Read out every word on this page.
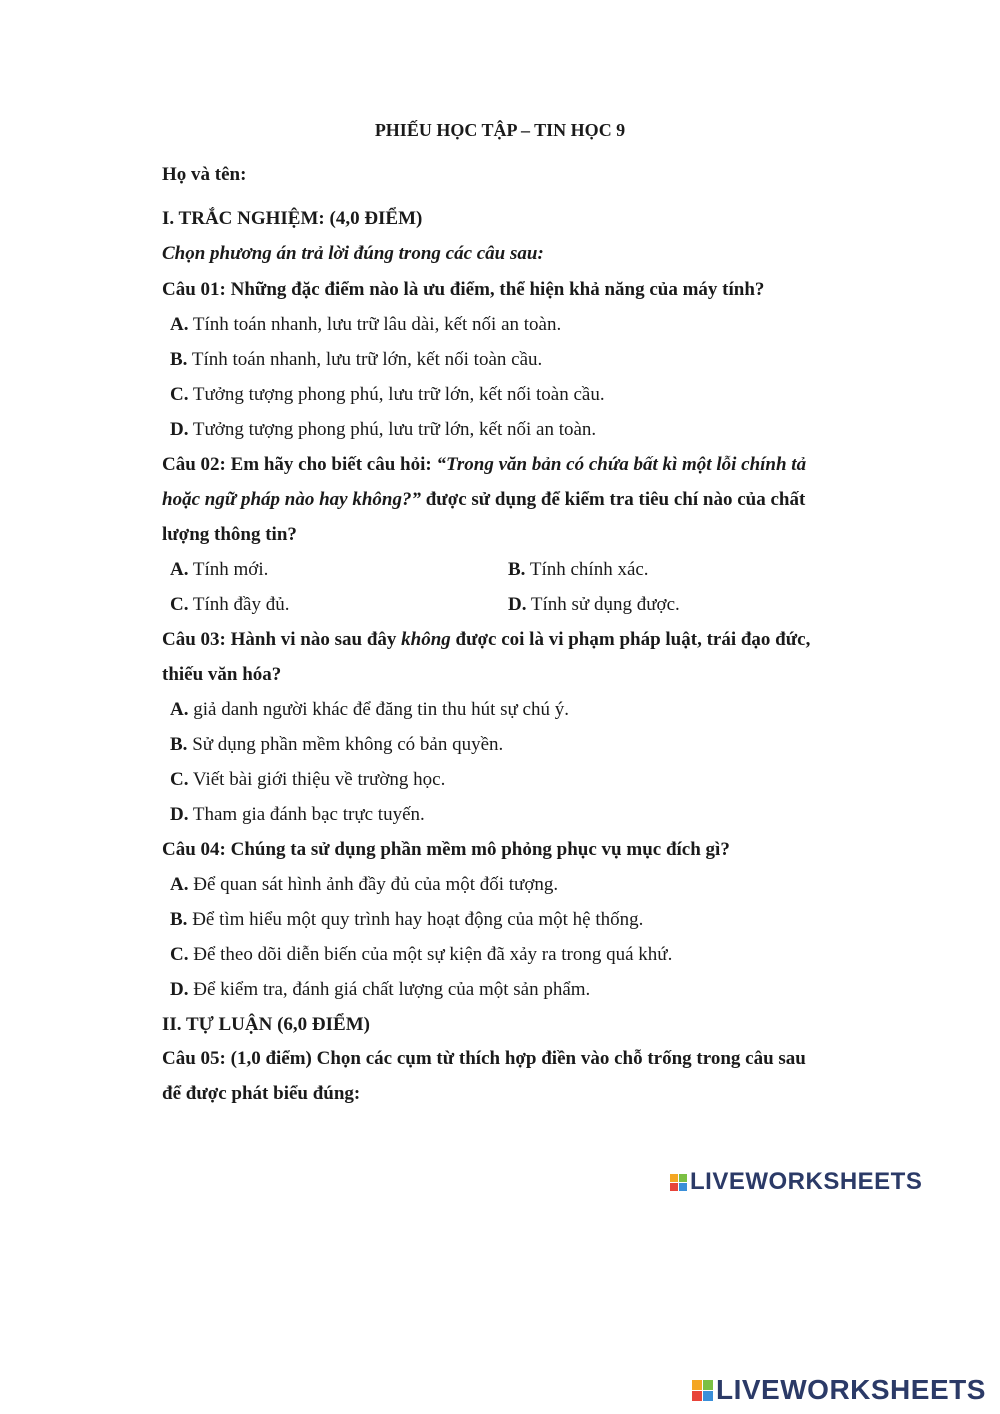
PHIẾU HỌC TẬP – TIN HỌC 9
Họ và tên:
I. TRẮC NGHIỆM: (4,0 ĐIỂM)
Chọn phương án trả lời đúng trong các câu sau:
Câu 01: Những đặc điểm nào là ưu điểm, thể hiện khả năng của máy tính?
A. Tính toán nhanh, lưu trữ lâu dài, kết nối an toàn.
B. Tính toán nhanh, lưu trữ lớn, kết nối toàn cầu.
C. Tưởng tượng phong phú, lưu trữ lớn, kết nối toàn cầu.
D. Tưởng tượng phong phú, lưu trữ lớn, kết nối an toàn.
Câu 02: Em hãy cho biết câu hỏi: “Trong văn bản có chứa bất kì một lỗi chính tả
hoặc ngữ pháp nào hay không?” được sử dụng để kiểm tra tiêu chí nào của chất
lượng thông tin?
A. Tính mới.	B. Tính chính xác.
C. Tính đầy đủ.	D. Tính sử dụng được.
Câu 03: Hành vi nào sau đây không được coi là vi phạm pháp luật, trái đạo đức,
thiếu văn hóa?
A. giả danh người khác để đăng tin thu hút sự chú ý.
B. Sử dụng phần mềm không có bản quyền.
C. Viết bài giới thiệu về trường học.
D. Tham gia đánh bạc trực tuyến.
Câu 04: Chúng ta sử dụng phần mềm mô phỏng phục vụ mục đích gì?
A. Để quan sát hình ảnh đầy đủ của một đối tượng.
B. Để tìm hiểu một quy trình hay hoạt động của một hệ thống.
C. Để theo dõi diễn biến của một sự kiện đã xảy ra trong quá khứ.
D. Để kiểm tra, đánh giá chất lượng của một sản phẩm.
II. TỰ LUẬN (6,0 ĐIỂM)
Câu 05: (1,0 điểm) Chọn các cụm từ thích hợp điền vào chỗ trống trong câu sau
để được phát biểu đúng:
LIVEWORKSHEETS
LIVEWORKSHEETS
